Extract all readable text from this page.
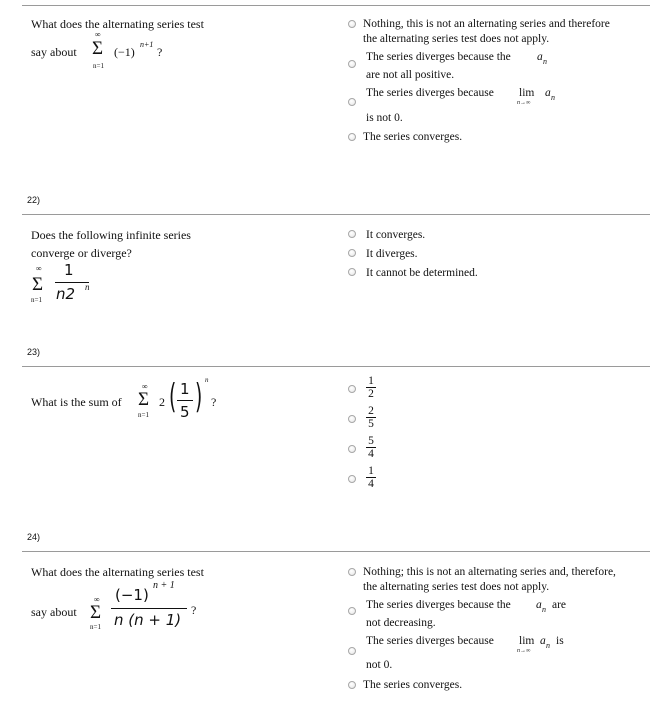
What does the alternating series test
say about
∞
Σ
n=1
(−1)
n+1
?
Nothing, this is not an alternating series and therefore
the alternating series test does not apply.
The series diverges because the a n
are not all positive.
The series diverges because lim
n→∞
a n
is not 0.
The series converges.
22)
Does the following infinite series
converge or diverge?
∞
Σ
n=1
1
n2 n
It converges.
It diverges.
It cannot be determined.
23)
What is the sum of
∞
Σ
n=1
2 ( 1
5 ) n
?
$\frac{1}{2}$
$\frac{2}{5}$
$\frac{5}{4}$
$\frac{1}{4}$
24)
What does the alternating series test
say about
∞
Σ
n=1
(−1)
n + 1
n (n + 1)
?
Nothing; this is not an alternating series and, therefore,
the alternating series test does not apply.
The series diverges because the a n are
not decreasing.
The series diverges because lim
n→∞
a n is
not 0.
The series converges.
